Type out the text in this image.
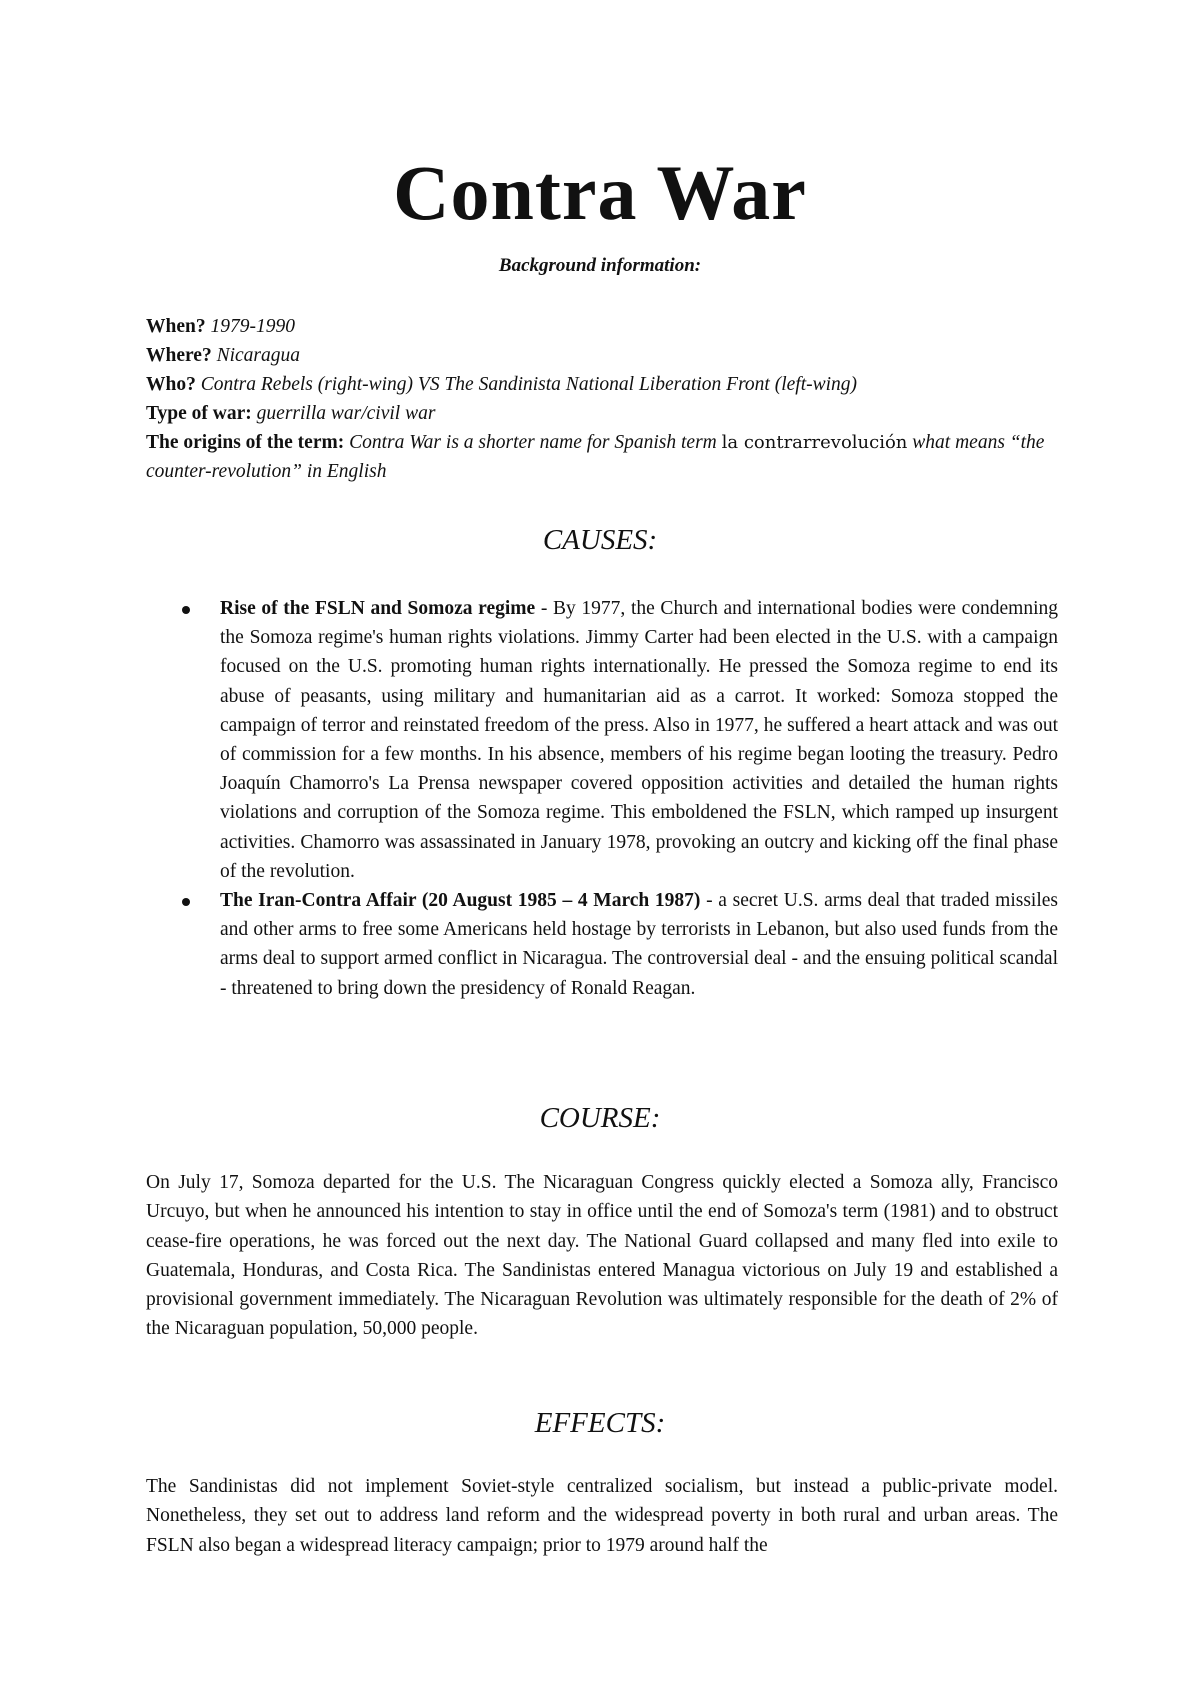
Contra War
Background information:

When? 1979-1990

Where? Nicaragua

Who? Contra Rebels (right-wing) VS The Sandinista National Liberation Front (left-wing)

Type of war: guerrilla war/civil war

The origins of the term: Contra War is a shorter name for Spanish term la contrarrevolución what means “the counter-revolution” in English

CAUSES:
Rise of the FSLN and Somoza regime - By 1977, the Church and international bodies were condemning the Somoza regime's human rights violations. Jimmy Carter had been elected in the U.S. with a campaign focused on the U.S. promoting human rights internationally. He pressed the Somoza regime to end its abuse of peasants, using military and humanitarian aid as a carrot. It worked: Somoza stopped the campaign of terror and reinstated freedom of the press. Also in 1977, he suffered a heart attack and was out of commission for a few months. In his absence, members of his regime began looting the treasury. Pedro Joaquín Chamorro's La Prensa newspaper covered opposition activities and detailed the human rights violations and corruption of the Somoza regime. This emboldened the FSLN, which ramped up insurgent activities. Chamorro was assassinated in January 1978, provoking an outcry and kicking off the final phase of the revolution.
The Iran-Contra Affair (20 August 1985 – 4 March 1987) - a secret U.S. arms deal that traded missiles and other arms to free some Americans held hostage by terrorists in Lebanon, but also used funds from the arms deal to support armed conflict in Nicaragua. The controversial deal - and the ensuing political scandal - threatened to bring down the presidency of Ronald Reagan.
COURSE:

On July 17, Somoza departed for the U.S. The Nicaraguan Congress quickly elected a Somoza ally, Francisco Urcuyo, but when he announced his intention to stay in office until the end of Somoza's term (1981) and to obstruct cease-fire operations, he was forced out the next day. The National Guard collapsed and many fled into exile to Guatemala, Honduras, and Costa Rica. The Sandinistas entered Managua victorious on July 19 and established a provisional government immediately. The Nicaraguan Revolution was ultimately responsible for the death of 2% of the Nicaraguan population, 50,000 people.

EFFECTS:

The Sandinistas did not implement Soviet-style centralized socialism, but instead a public-private model. Nonetheless, they set out to address land reform and the widespread poverty in both rural and urban areas. The FSLN also began a widespread literacy campaign; prior to 1979 around half the
